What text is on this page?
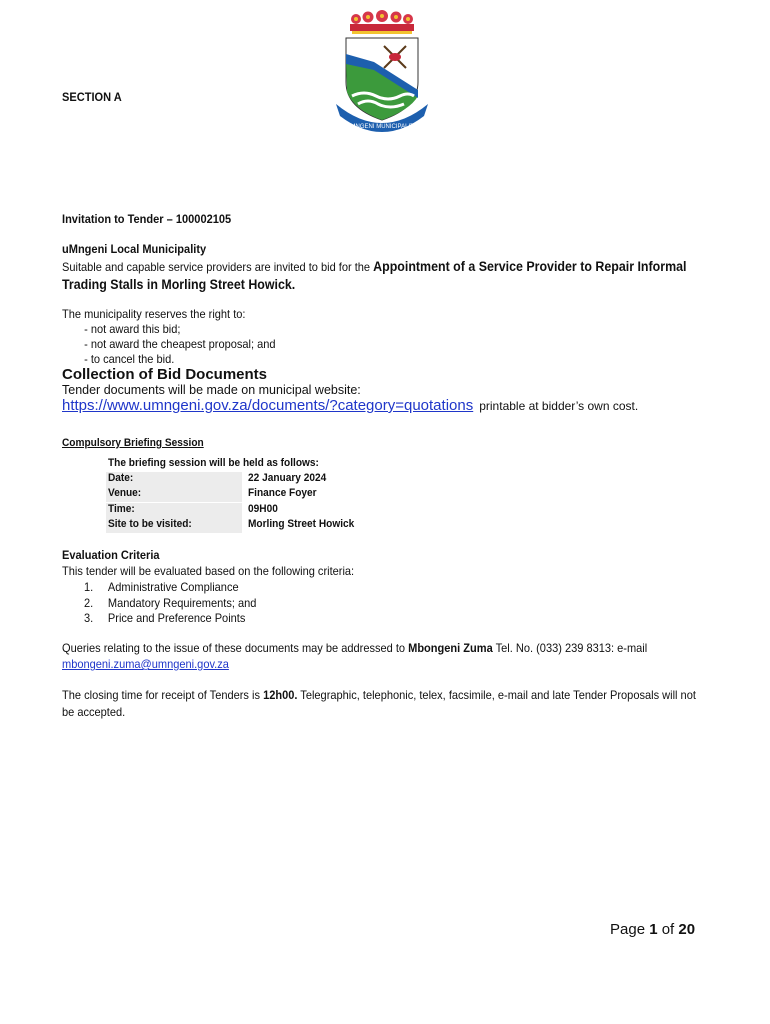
SECTION A
UMNGENI MUNICIPALITY
Invitation to Tender – 100002105
uMngeni Local Municipality
Suitable and capable service providers are invited to bid for the Appointment of a Service Provider to Repair Informal Trading Stalls in Morling Street Howick.
The municipality reserves the right to:
- not award this bid;
- not award the cheapest proposal; and
- to cancel the bid.
Collection of Bid Documents
Tender documents will be made on municipal website:
https://www.umngeni.gov.za/documents/?category=quotations printable at bidder’s own cost.
Compulsory Briefing Session
The briefing session will be held as follows:
Date:	22 January 2024
Venue:	Finance Foyer
Time:	09H00
Site to be visited:	Morling Street Howick
Evaluation Criteria
This tender will be evaluated based on the following criteria:
1. Administrative Compliance
2. Mandatory Requirements; and
3. Price and Preference Points
Queries relating to the issue of these documents may be addressed to Mbongeni Zuma Tel. No. (033) 239 8313: e-mail
mbongeni.zuma@umngeni.gov.za
The closing time for receipt of Tenders is 12h00. Telegraphic, telephonic, telex, facsimile, e-mail and late Tender Proposals will not be accepted.
Page 1 of 20
